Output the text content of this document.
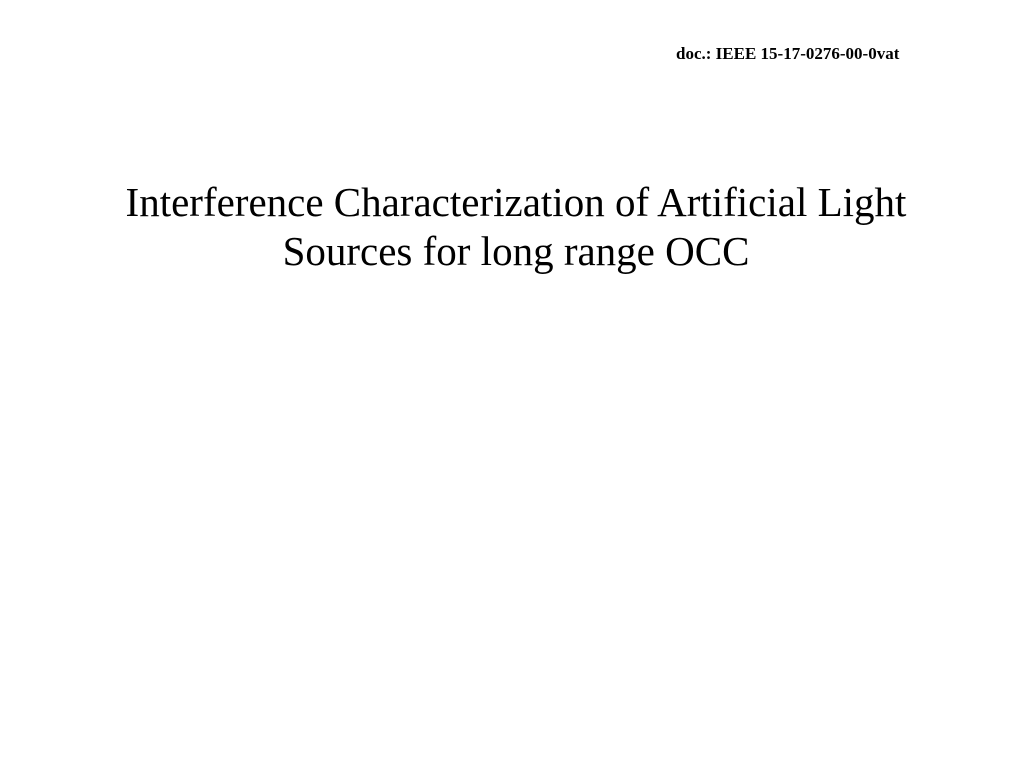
doc.: IEEE 15-17-0276-00-0vat
Interference Characterization of Artificial Light
Sources for long range OCC
